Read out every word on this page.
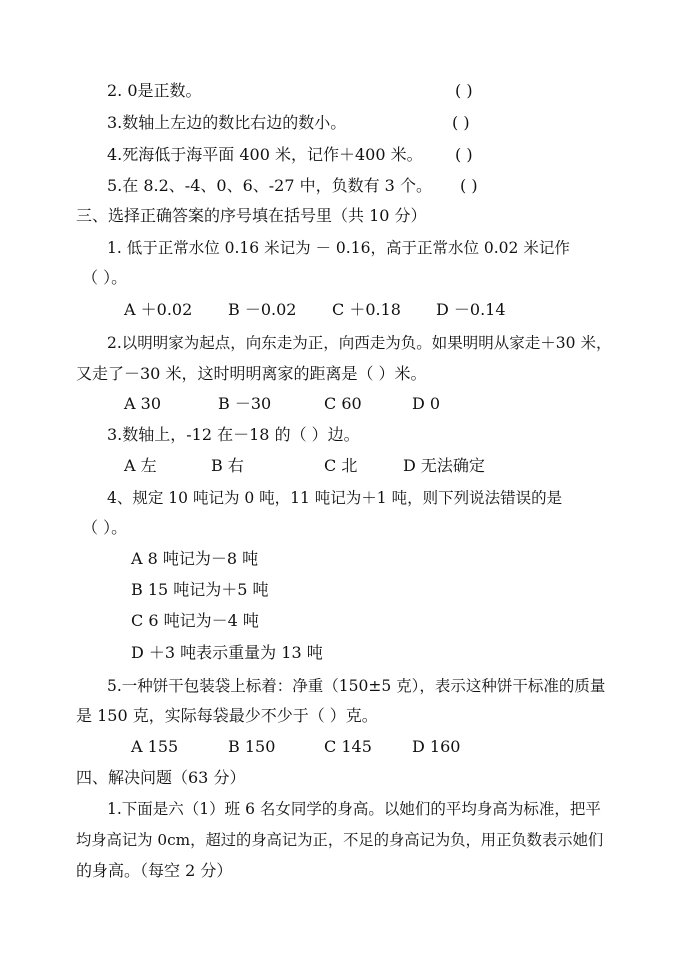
2. 0是正数。	( )
3.数轴上左边的数比右边的数小。	( )
4.死海低于海平面 400 米，记作＋400 米。 ( )
5.在 8.2、-4、0、6、-27 中，负数有 3 个。 ( )
三、选择正确答案的序号填在括号里（共 10 分）
1. 低于正常水位 0.16 米记为 － 0.16，高于正常水位 0.02 米记作
（ ）。
A ＋0.02 B －0.02 C ＋0.18 D －0.14
2.以明明家为起点，向东走为正，向西走为负。如果明明从家走＋30 米，
又走了－30 米，这时明明离家的距离是（ ）米。
A 30	B －30	C 60	D 0
3.数轴上，-12 在－18 的（ ）边。
A 左	B 右	C 北	D 无法确定
4、规定 10 吨记为 0 吨，11 吨记为＋1 吨，则下列说法错误的是
（ ）。
A 8 吨记为－8 吨
B 15 吨记为＋5 吨
C 6 吨记为－4 吨
D ＋3 吨表示重量为 13 吨
5.一种饼干包装袋上标着：净重（150±5 克），表示这种饼干标准的质量
是 150 克，实际每袋最少不少于（ ）克。
A 155	B 150	C 145	D 160
四、解决问题（63 分）
1.下面是六（1）班 6 名女同学的身高。以她们的平均身高为标准，把平
均身高记为 0cm，超过的身高记为正，不足的身高记为负，用正负数表示她们
的身高。（每空 2 分）
